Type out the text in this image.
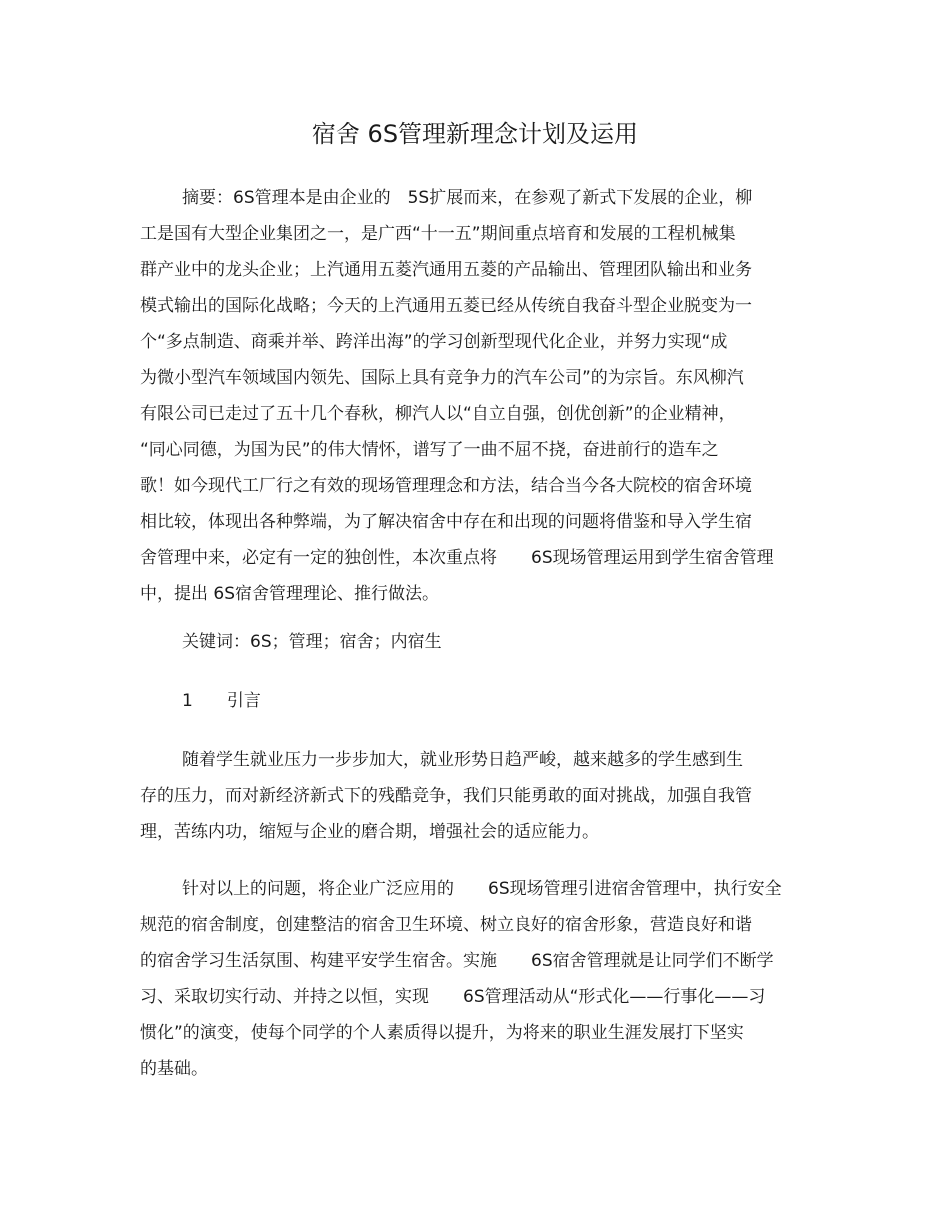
宿舍 6S管理新理念计划及运用
摘要：6S管理本是由企业的　5S扩展而来，在参观了新式下发展的企业，柳
工是国有大型企业集团之一，是广西“十一五”期间重点培育和发展的工程机械集
群产业中的龙头企业；上汽通用五菱汽通用五菱的产品输出、管理团队输出和业务
模式输出的国际化战略；今天的上汽通用五菱已经从传统自我奋斗型企业脱变为一
个“多点制造、商乘并举、跨洋出海”的学习创新型现代化企业，并努力实现“成
为微小型汽车领域国内领先、国际上具有竞争力的汽车公司”的为宗旨。东风柳汽
有限公司已走过了五十几个春秋，柳汽人以“自立自强，创优创新”的企业精神，
“同心同德，为国为民”的伟大情怀，谱写了一曲不屈不挠，奋进前行的造车之
歌！如今现代工厂行之有效的现场管理理念和方法，结合当今各大院校的宿舍环境
相比较，体现出各种弊端，为了解决宿舍中存在和出现的问题将借鉴和导入学生宿
舍管理中来，必定有一定的独创性，本次重点将　　6S现场管理运用到学生宿舍管理
中，提出 6S宿舍管理理论、推行做法。
关键词：6S；管理；宿舍；内宿生
1　　引言
随着学生就业压力一步步加大，就业形势日趋严峻，越来越多的学生感到生
存的压力，而对新经济新式下的残酷竞争，我们只能勇敢的面对挑战，加强自我管
理，苦练内功，缩短与企业的磨合期，增强社会的适应能力。
针对以上的问题，将企业广泛应用的　　6S现场管理引进宿舍管理中，执行安全
规范的宿舍制度，创建整洁的宿舍卫生环境、树立良好的宿舍形象，营造良好和谐
的宿舍学习生活氛围、构建平安学生宿舍。实施　　6S宿舍管理就是让同学们不断学
习、采取切实行动、并持之以恒，实现　　6S管理活动从“形式化——行事化——习
惯化”的演变，使每个同学的个人素质得以提升，为将来的职业生涯发展打下坚实
的基础。
